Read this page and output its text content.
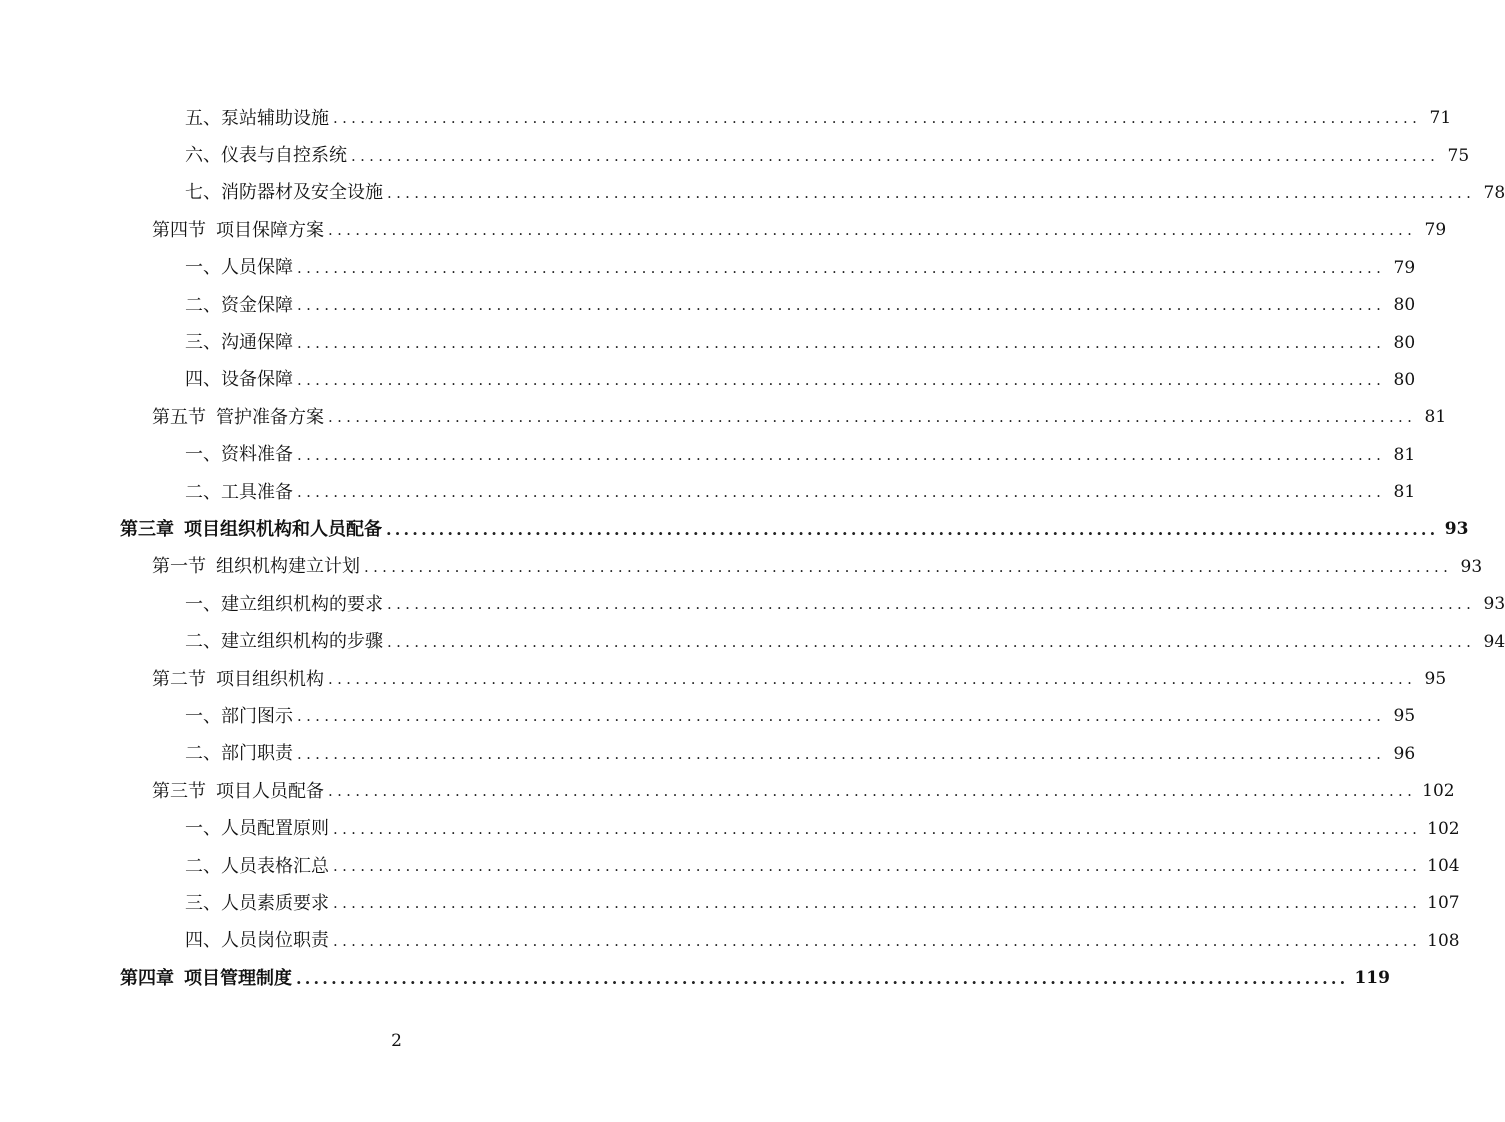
五、 泵站辅助设施 ........................................................................................................................ 71
六、 仪表与自控系统 ........................................................................................................................ 75
七、 消防器材及安全设施 ........................................................................................................................ 78
第四节 项目保障方案 ........................................................................................................................ 79
一、 人员保障 ........................................................................................................................ 79
二、 资金保障 ........................................................................................................................ 80
三、 沟通保障 ........................................................................................................................ 80
四、 设备保障 ........................................................................................................................ 80
第五节 管护准备方案 ........................................................................................................................ 81
一、 资料准备 ........................................................................................................................ 81
二、 工具准备 ........................................................................................................................ 81
第三章 项目组织机构和人员配备 ........................................................................................................................ 93
第一节 组织机构建立计划 ........................................................................................................................ 93
一、 建立组织机构的要求 ........................................................................................................................ 93
二、 建立组织机构的步骤 ........................................................................................................................ 94
第二节 项目组织机构 ........................................................................................................................ 95
一、 部门图示 ........................................................................................................................ 95
二、 部门职责 ........................................................................................................................ 96
第三节 项目人员配备 ........................................................................................................................ 102
一、 人员配置原则 ........................................................................................................................ 102
二、 人员表格汇总 ........................................................................................................................ 104
三、 人员素质要求 ........................................................................................................................ 107
四、 人员岗位职责 ........................................................................................................................ 108
第四章 项目管理制度 ........................................................................................................................ 119
2
